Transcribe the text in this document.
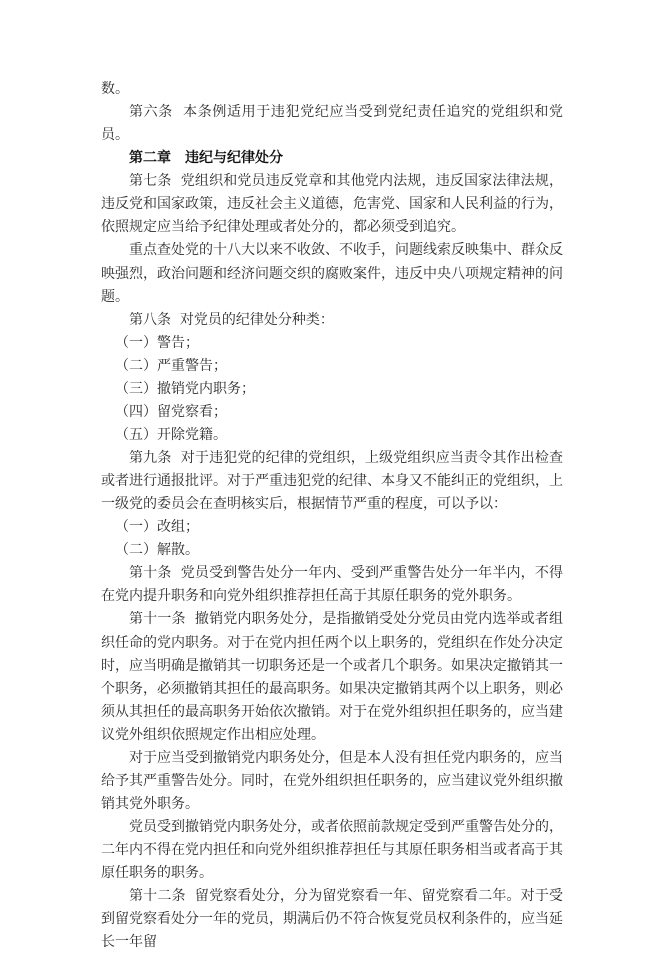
数。

第六条 本条例适用于违犯党纪应当受到党纪责任追究的党组织和党员。

第二章 违纪与纪律处分

第七条 党组织和党员违反党章和其他党内法规，违反国家法律法规，违反党和国家政策，违反社会主义道德，危害党、国家和人民利益的行为，依照规定应当给予纪律处理或者处分的，都必须受到追究。

重点查处党的十八大以来不收敛、不收手，问题线索反映集中、群众反映强烈，政治问题和经济问题交织的腐败案件，违反中央八项规定精神的问题。

第八条 对党员的纪律处分种类：

（一）警告；

（二）严重警告；

（三）撤销党内职务；

（四）留党察看；

（五）开除党籍。

第九条 对于违犯党的纪律的党组织，上级党组织应当责令其作出检查或者进行通报批评。对于严重违犯党的纪律、本身又不能纠正的党组织，上一级党的委员会在查明核实后，根据情节严重的程度，可以予以：

（一）改组；

（二）解散。

第十条 党员受到警告处分一年内、受到严重警告处分一年半内，不得在党内提升职务和向党外组织推荐担任高于其原任职务的党外职务。

第十一条 撤销党内职务处分，是指撤销受处分党员由党内选举或者组织任命的党内职务。对于在党内担任两个以上职务的，党组织在作处分决定时，应当明确是撤销其一切职务还是一个或者几个职务。如果决定撤销其一个职务，必须撤销其担任的最高职务。如果决定撤销其两个以上职务，则必须从其担任的最高职务开始依次撤销。对于在党外组织担任职务的，应当建议党外组织依照规定作出相应处理。

对于应当受到撤销党内职务处分，但是本人没有担任党内职务的，应当给予其严重警告处分。同时，在党外组织担任职务的，应当建议党外组织撤销其党外职务。

党员受到撤销党内职务处分，或者依照前款规定受到严重警告处分的，二年内不得在党内担任和向党外组织推荐担任与其原任职务相当或者高于其原任职务的职务。

第十二条 留党察看处分，分为留党察看一年、留党察看二年。对于受到留党察看处分一年的党员，期满后仍不符合恢复党员权利条件的，应当延长一年留
